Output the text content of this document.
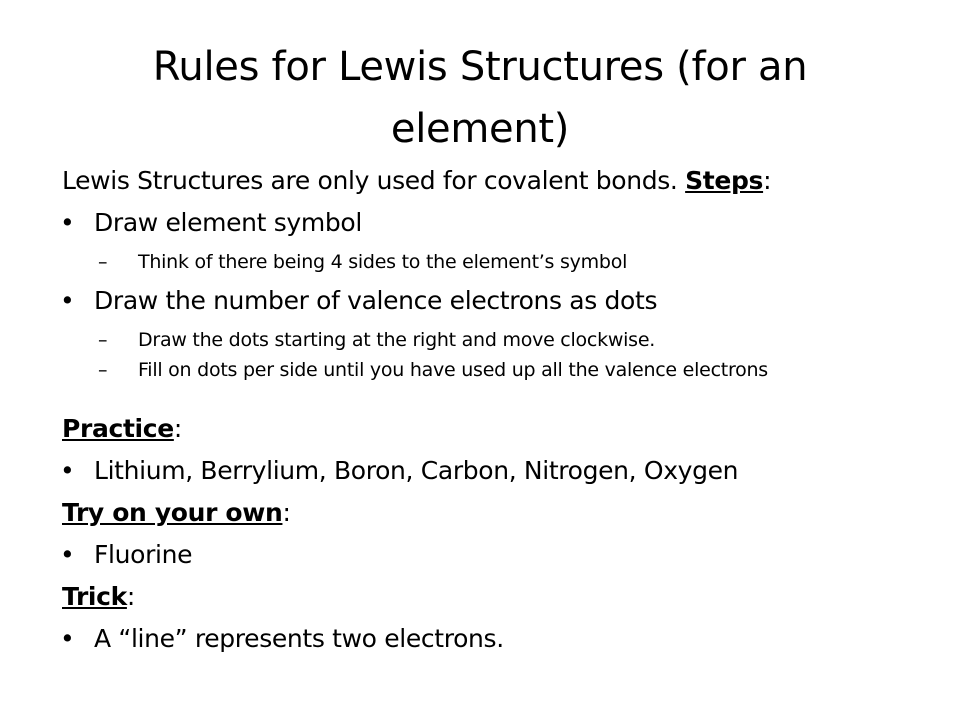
Rules for Lewis Structures (for an element)
Lewis Structures are only used for covalent bonds. Steps:
• Draw element symbol
– Think of there being 4 sides to the element’s symbol
• Draw the number of valence electrons as dots
– Draw the dots starting at the right and move clockwise.
– Fill on dots per side until you have used up all the valence electrons
Practice:
• Lithium, Berrylium, Boron, Carbon, Nitrogen, Oxygen
Try on your own:
• Fluorine
Trick:
• A “line” represents two electrons.
